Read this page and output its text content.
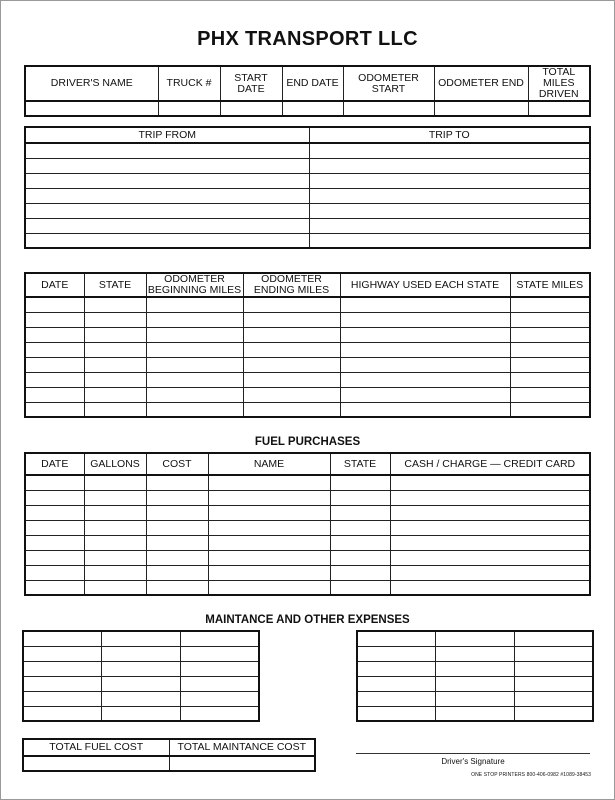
PHX TRANSPORT LLC
DRIVER'S NAME	TRUCK #	START DATE	END DATE	ODOMETER START	ODOMETER END	TOTAL MILES DRIVEN

TRIP FROM	TRIP TO

DATE	STATE	ODOMETER BEGINNING MILES	ODOMETER ENDING MILES	HIGHWAY USED EACH STATE	STATE MILES

FUEL PURCHASES
DATE	GALLONS	COST	NAME	STATE	CASH / CHARGE — CREDIT CARD

MAINTANCE AND OTHER EXPENSES

TOTAL FUEL COST	TOTAL MAINTANCE COST

Driver's Signature
ONE STOP PRINTERS 800-406-0982 #1089-38453
